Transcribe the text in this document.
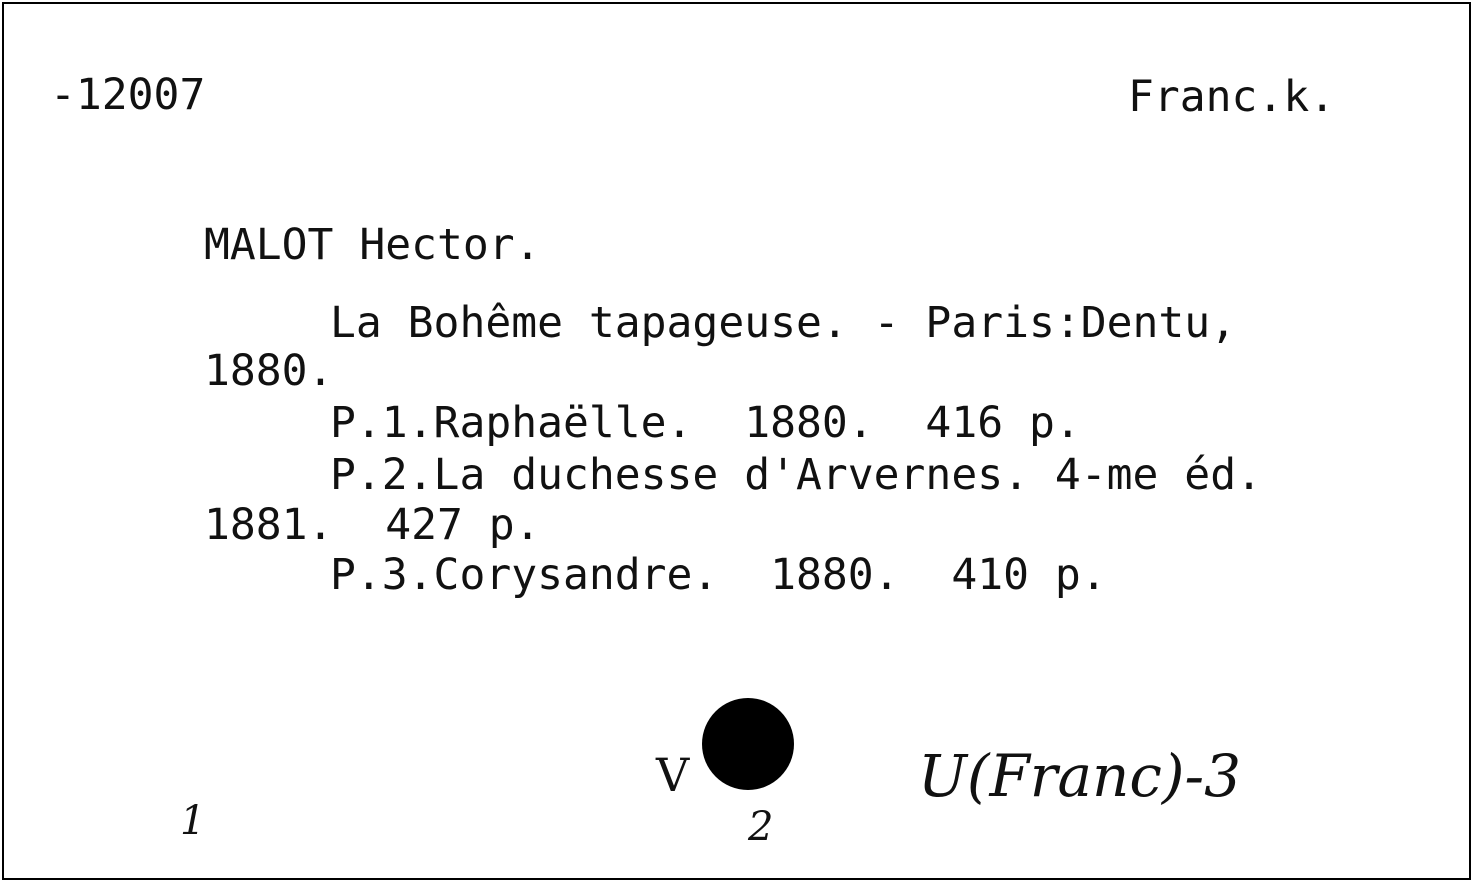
-12007	Franc.k.
MALOT Hector.
La Bohême tapageuse. - Paris:Dentu,
1880.
P.1.Raphaëlle.  1880.  416 p.
P.2.La duchesse d'Arvernes. 4-me éd.
1881.  427 p.
P.3.Corysandre.  1880.  410 p.
1
V
2
U(Franc)-3
